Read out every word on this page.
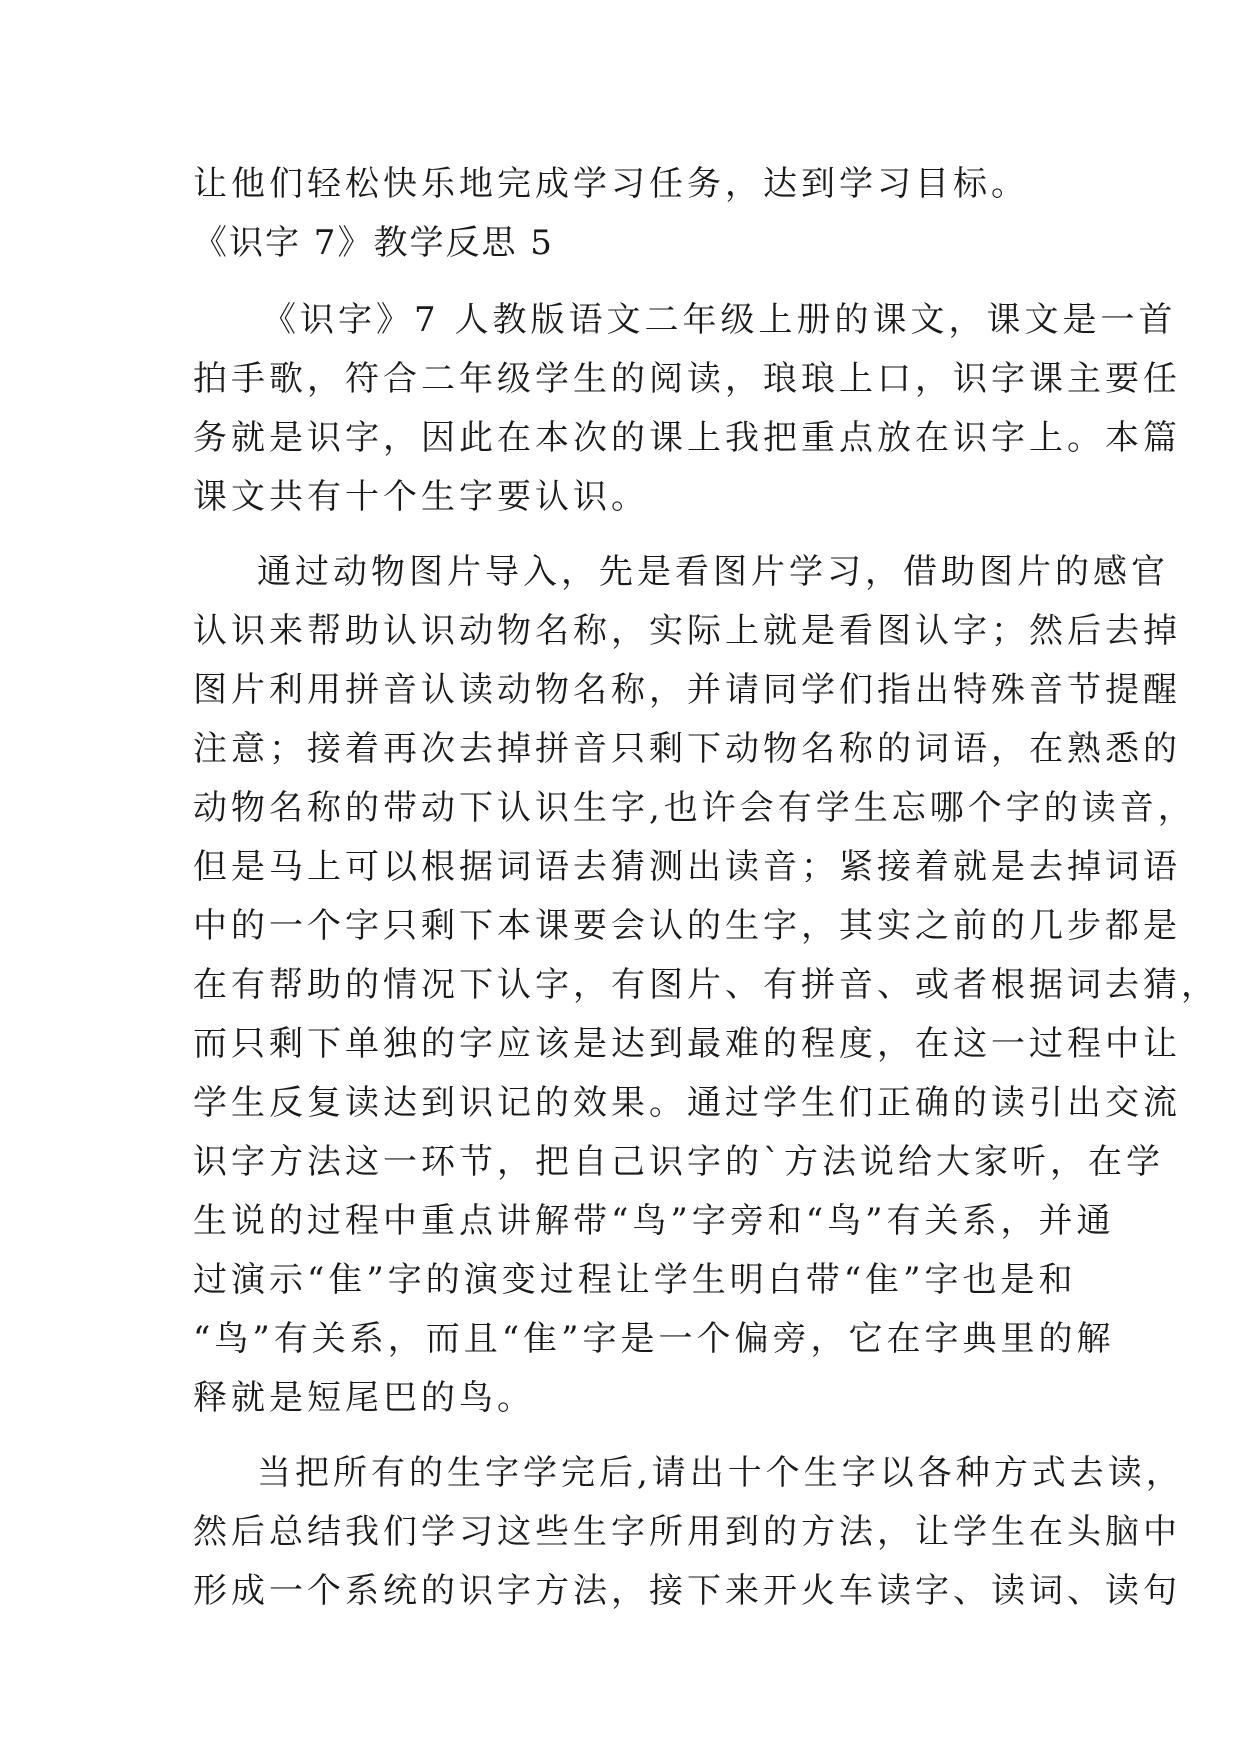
让他们轻松快乐地完成学习任务，达到学习目标。

《识字 7》教学反思 5

《识字》7 人教版语文二年级上册的课文，课文是一首

拍手歌，符合二年级学生的阅读，琅琅上口，识字课主要任

务就是识字，因此在本次的课上我把重点放在识字上。本篇

课文共有十个生字要认识。

通过动物图片导入，先是看图片学习，借助图片的感官

认识来帮助认识动物名称，实际上就是看图认字；然后去掉

图片利用拼音认读动物名称，并请同学们指出特殊音节提醒

注意；接着再次去掉拼音只剩下动物名称的词语，在熟悉的

动物名称的带动下认识生字,也许会有学生忘哪个字的读音，

但是马上可以根据词语去猜测出读音；紧接着就是去掉词语

中的一个字只剩下本课要会认的生字，其实之前的几步都是

在有帮助的情况下认字，有图片、有拼音、或者根据词去猜，

而只剩下单独的字应该是达到最难的程度，在这一过程中让

学生反复读达到识记的效果。通过学生们正确的读引出交流

识字方法这一环节，把自己识字的`方法说给大家听，在学

生说的过程中重点讲解带“鸟”字旁和“鸟”有关系，并通

过演示“隹”字的演变过程让学生明白带“隹”字也是和

“鸟”有关系，而且“隹”字是一个偏旁，它在字典里的解

释就是短尾巴的鸟。

当把所有的生字学完后,请出十个生字以各种方式去读，

然后总结我们学习这些生字所用到的方法，让学生在头脑中

形成一个系统的识字方法，接下来开火车读字、读词、读句
